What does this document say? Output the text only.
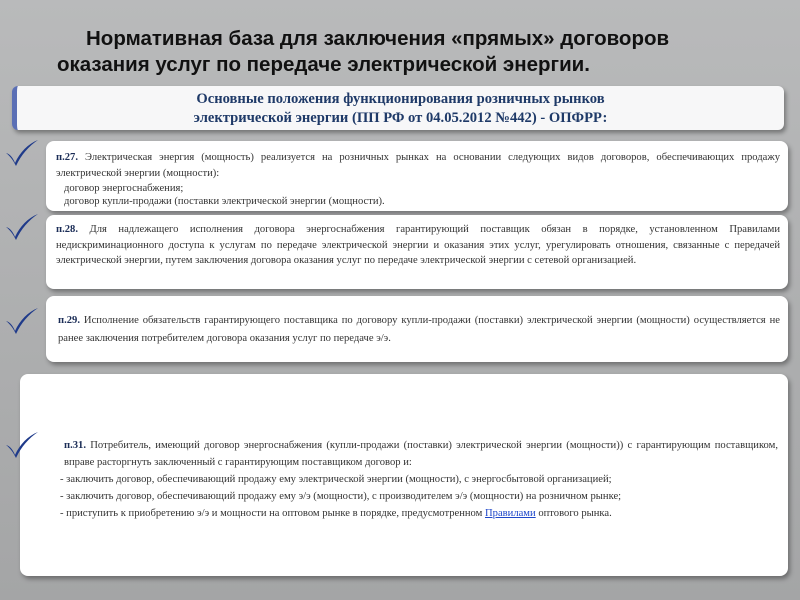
Нормативная база для заключения «прямых» договоров
оказания услуг по передаче электрической энергии.
Основные положения функционирования розничных рынков
электрической энергии (ПП РФ от 04.05.2012 №442) - ОПФРР:
п.27. Электрическая энергия (мощность) реализуется на розничных рынках на основании следующих видов договоров, обеспечивающих продажу электрической энергии (мощности):
договор энергоснабжения;
договор купли-продажи (поставки электрической энергии (мощности).
п.28. Для надлежащего исполнения договора энергоснабжения гарантирующий поставщик обязан в порядке, установленном Правилами недискриминационного доступа к услугам по передаче электрической энергии и оказания этих услуг, урегулировать отношения, связанные с передачей электрической энергии, путем заключения договора оказания услуг по передаче электрической энергии с сетевой организацией.
п.29. Исполнение обязательств гарантирующего поставщика по договору купли-продажи (поставки) электрической энергии (мощности) осуществляется не ранее заключения потребителем договора оказания услуг по передаче э/э.
п.31. Потребитель, имеющий договор энергоснабжения (купли-продажи (поставки) электрической энергии (мощности)) с гарантирующим поставщиком, вправе расторгнуть заключенный с гарантирующим поставщиком договор и:
- заключить договор, обеспечивающий продажу ему электрической энергии (мощности), с энергосбытовой организацией;
- заключить договор, обеспечивающий продажу ему э/э (мощности), с производителем э/э (мощности) на розничном рынке;
- приступить к приобретению э/э и мощности на оптовом рынке в порядке, предусмотренном Правилами оптового рынка.
